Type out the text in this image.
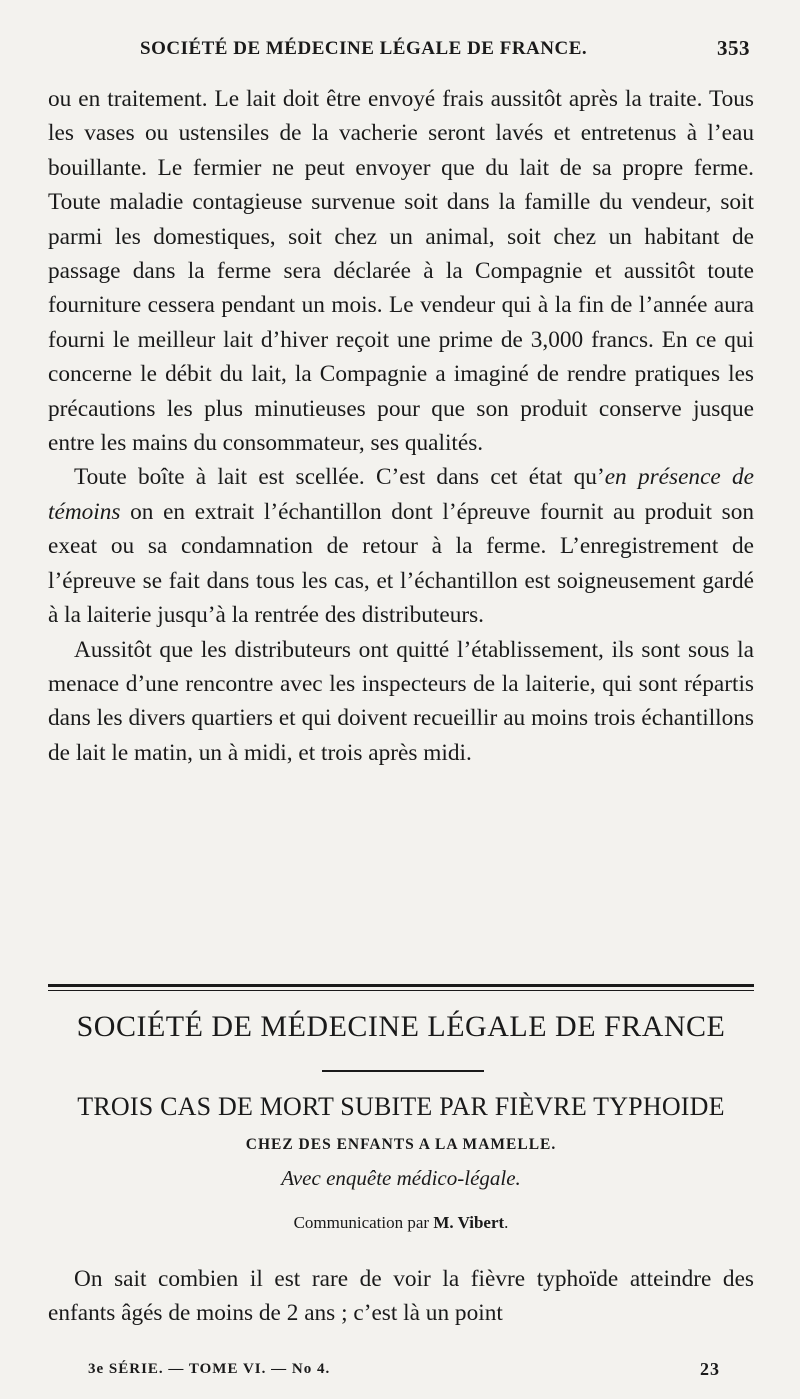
SOCIÉTÉ DE MÉDECINE LÉGALE DE FRANCE.	353

ou en traitement. Le lait doit être envoyé frais aussitôt après la traite. Tous les vases ou ustensiles de la vacherie seront lavés et entretenus à l’eau bouillante. Le fermier ne peut envoyer que du lait de sa propre ferme. Toute maladie contagieuse survenue soit dans la famille du vendeur, soit parmi les domestiques, soit chez un animal, soit chez un habitant de passage dans la ferme sera déclarée à la Compagnie et aussitôt toute fourniture cessera pendant un mois. Le vendeur qui à la fin de l’année aura fourni le meilleur lait d’hiver reçoit une prime de 3,000 francs. En ce qui concerne le débit du lait, la Compagnie a imaginé de rendre pratiques les précautions les plus minutieuses pour que son produit conserve jusque entre les mains du consommateur, ses qualités.

Toute boîte à lait est scellée. C’est dans cet état qu’en présence de témoins on en extrait l’échantillon dont l’épreuve fournit au produit son exeat ou sa condamnation de retour à la ferme. L’enregistrement de l’épreuve se fait dans tous les cas, et l’échantillon est soigneusement gardé à la laiterie jusqu’à la rentrée des distributeurs.

Aussitôt que les distributeurs ont quitté l’établissement, ils sont sous la menace d’une rencontre avec les inspecteurs de la laiterie, qui sont répartis dans les divers quartiers et qui doivent recueillir au moins trois échantillons de lait le matin, un à midi, et trois après midi.

SOCIÉTÉ DE MÉDECINE LÉGALE DE FRANCE
TROIS CAS DE MORT SUBITE PAR FIÈVRE TYPHOIDE
CHEZ DES ENFANTS A LA MAMELLE.
Avec enquête médico-légale.
Communication par M. Vibert.

On sait combien il est rare de voir la fièvre typhoïde atteindre des enfants âgés de moins de 2 ans ; c’est là un point

3e SÉRIE. — TOME VI. — No 4.	23
